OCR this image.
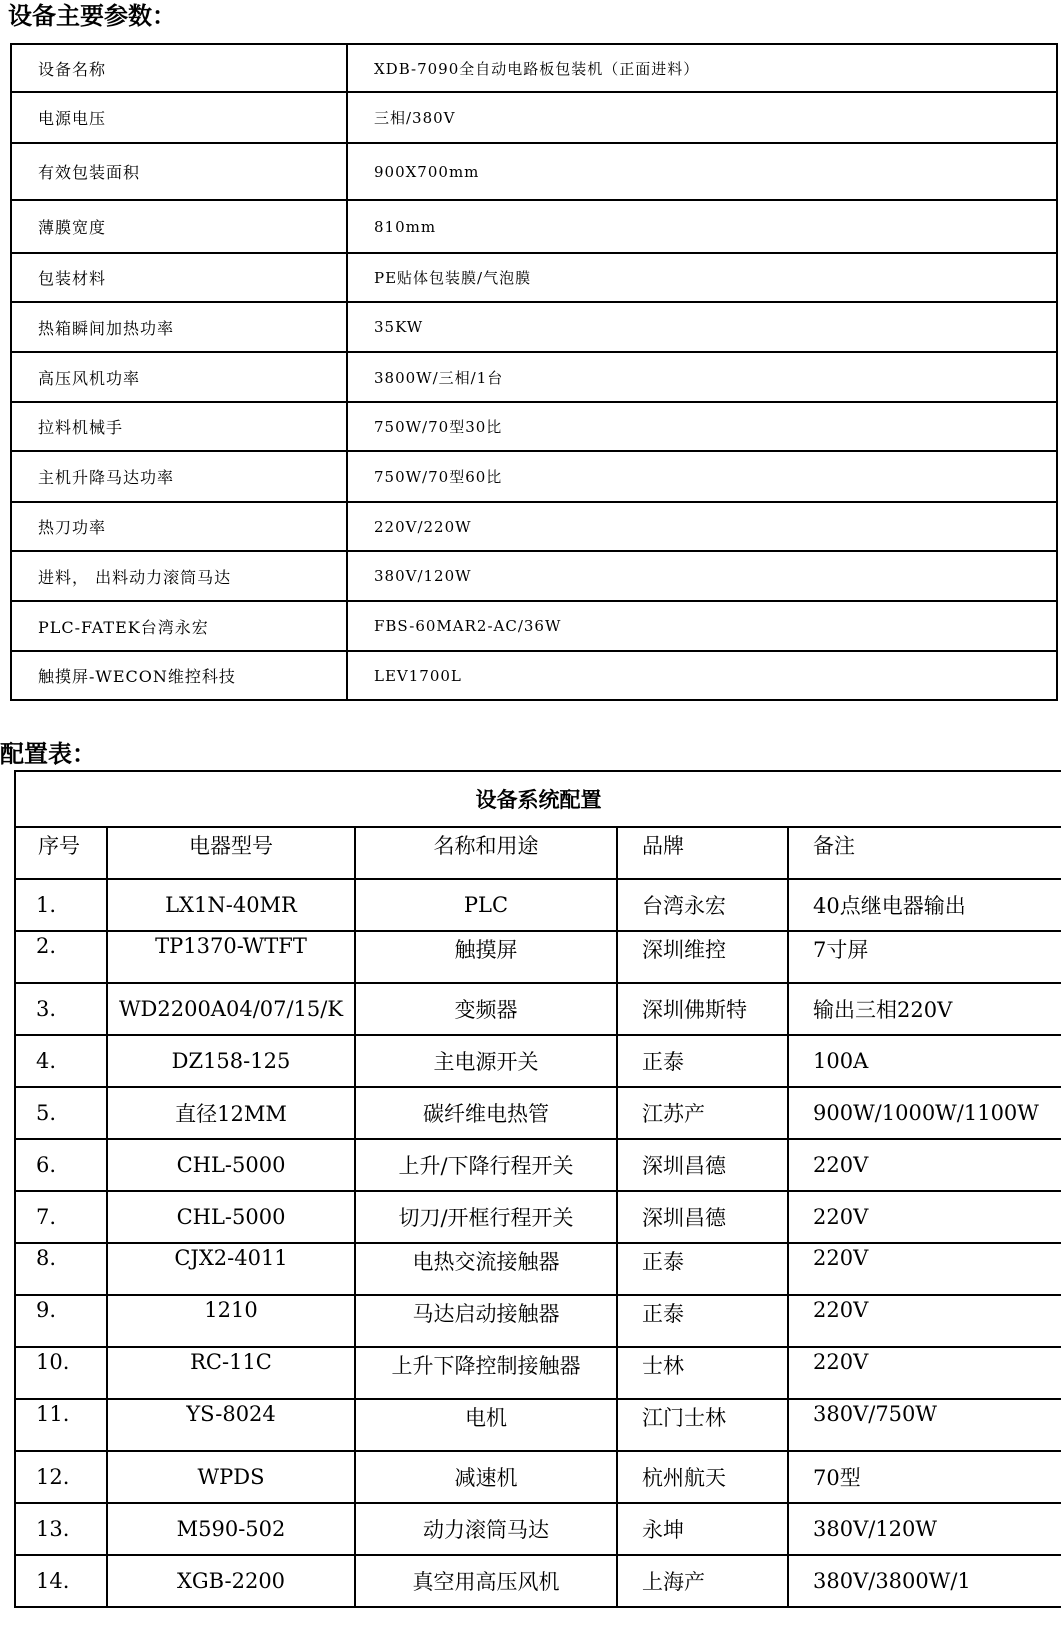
设备主要参数：
设备名称	XDB-7090全自动电路板包装机（正面进料）
电源电压	三相/380V
有效包装面积	900X700mm
薄膜宽度	810mm
包装材料	PE贴体包装膜/气泡膜
热箱瞬间加热功率	35KW
高压风机功率	3800W/三相/1台
拉料机械手	750W/70型30比
主机升降马达功率	750W/70型60比
热刀功率	220V/220W
进料， 出料动力滚筒马达	380V/120W
PLC-FATEK台湾永宏	FBS-60MAR2-AC/36W
触摸屏-WECON维控科技	LEV1700L
配置表：
设备系统配置				
序号	电器型号	名称和用途	品牌	备注
1.	LX1N-40MR	PLC	台湾永宏	40点继电器输出
2.	TP1370-WTFT	触摸屏	深圳维控	7寸屏
3.	WD2200A04/07/15/K	变频器	深圳佛斯特	输出三相220V
4.	DZ158-125	主电源开关	正泰	100A
5.	直径12MM	碳纤维电热管	江苏产	900W/1000W/1100W
6.	CHL-5000	上升/下降行程开关	深圳昌德	220V
7.	CHL-5000	切刀/开框行程开关	深圳昌德	220V
8.	CJX2-4011	电热交流接触器	正泰	220V
9.	1210	马达启动接触器	正泰	220V
10.	RC-11C	上升下降控制接触器	士林	220V
11.	YS-8024	电机	江门士林	380V/750W
12.	WPDS	减速机	杭州航天	70型
13.	M590-502	动力滚筒马达	永坤	380V/120W
14.	XGB-2200	真空用高压风机	上海产	380V/3800W/1
